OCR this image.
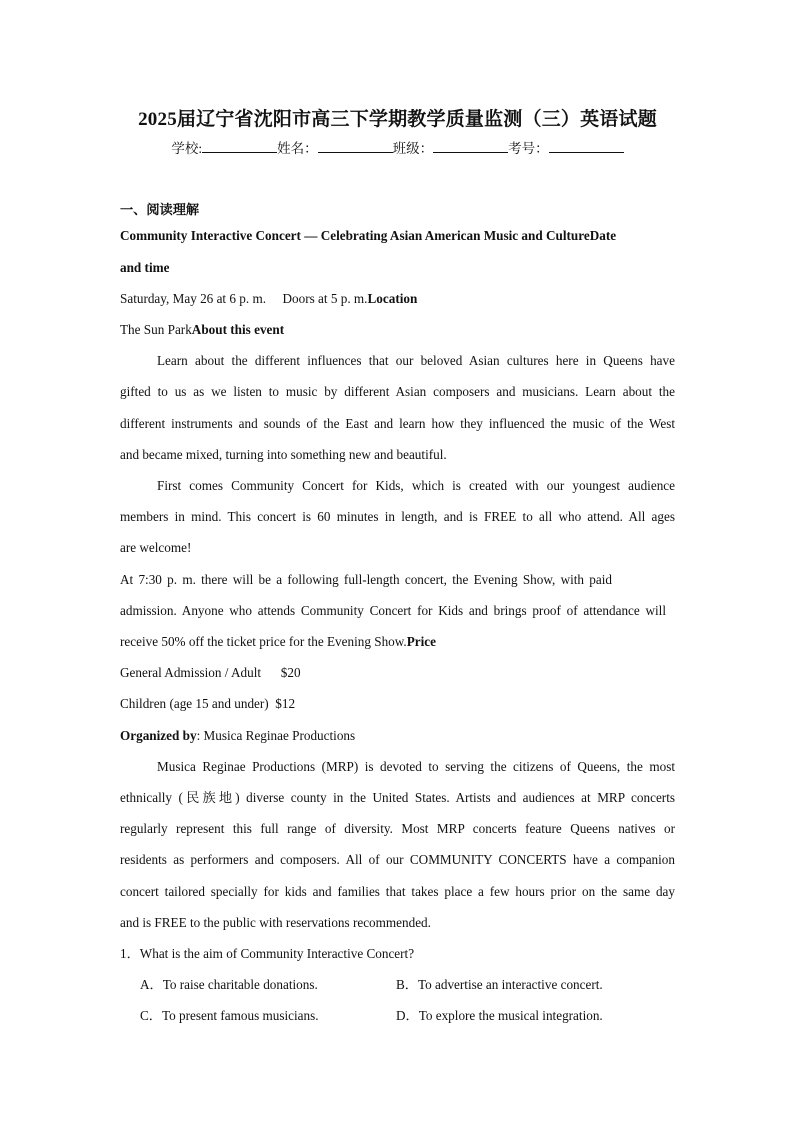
2025届辽宁省沈阳市高三下学期教学质量监测（三）英语试题
学校:	姓名：	班级：	考号：
一、阅读理解
Community Interactive Concert — Celebrating Asian American Music and CultureDate
and time
Saturday, May 26 at 6 p. m.     Doors at 5 p. m.Location
The Sun ParkAbout this event
Learn about the different influences that our beloved Asian cultures here in Queens have
gifted to us as we listen to music by different Asian composers and musicians. Learn about the
different instruments and sounds of the East and learn how they influenced the music of the West
and became mixed, turning into something new and beautiful.
First comes Community Concert for Kids, which is created with our youngest audience
members in mind. This concert is 60 minutes in length, and is FREE to all who attend. All ages
are welcome!
At 7:30 p. m. there will be a following full-length concert, the Evening Show, with paid
admission. Anyone who attends Community Concert for Kids and brings proof of attendance will
receive 50% off the ticket price for the Evening Show.Price
General Admission / Adult      $20
Children (age 15 and under)  $12
Organized by: Musica Reginae Productions
Musica Reginae Productions (MRP) is devoted to serving the citizens of Queens, the most
ethnically (民族地) diverse county in the United States. Artists and audiences at MRP concerts
regularly represent this full range of diversity. Most MRP concerts feature Queens natives or
residents as performers and composers. All of our COMMUNITY CONCERTS have a companion
concert tailored specially for kids and families that takes place a few hours prior on the same day
and is FREE to the public with reservations recommended.
1．What is the aim of Community Interactive Concert?
A．To raise charitable donations.	B．To advertise an interactive concert.
C．To present famous musicians.	D．To explore the musical integration.
